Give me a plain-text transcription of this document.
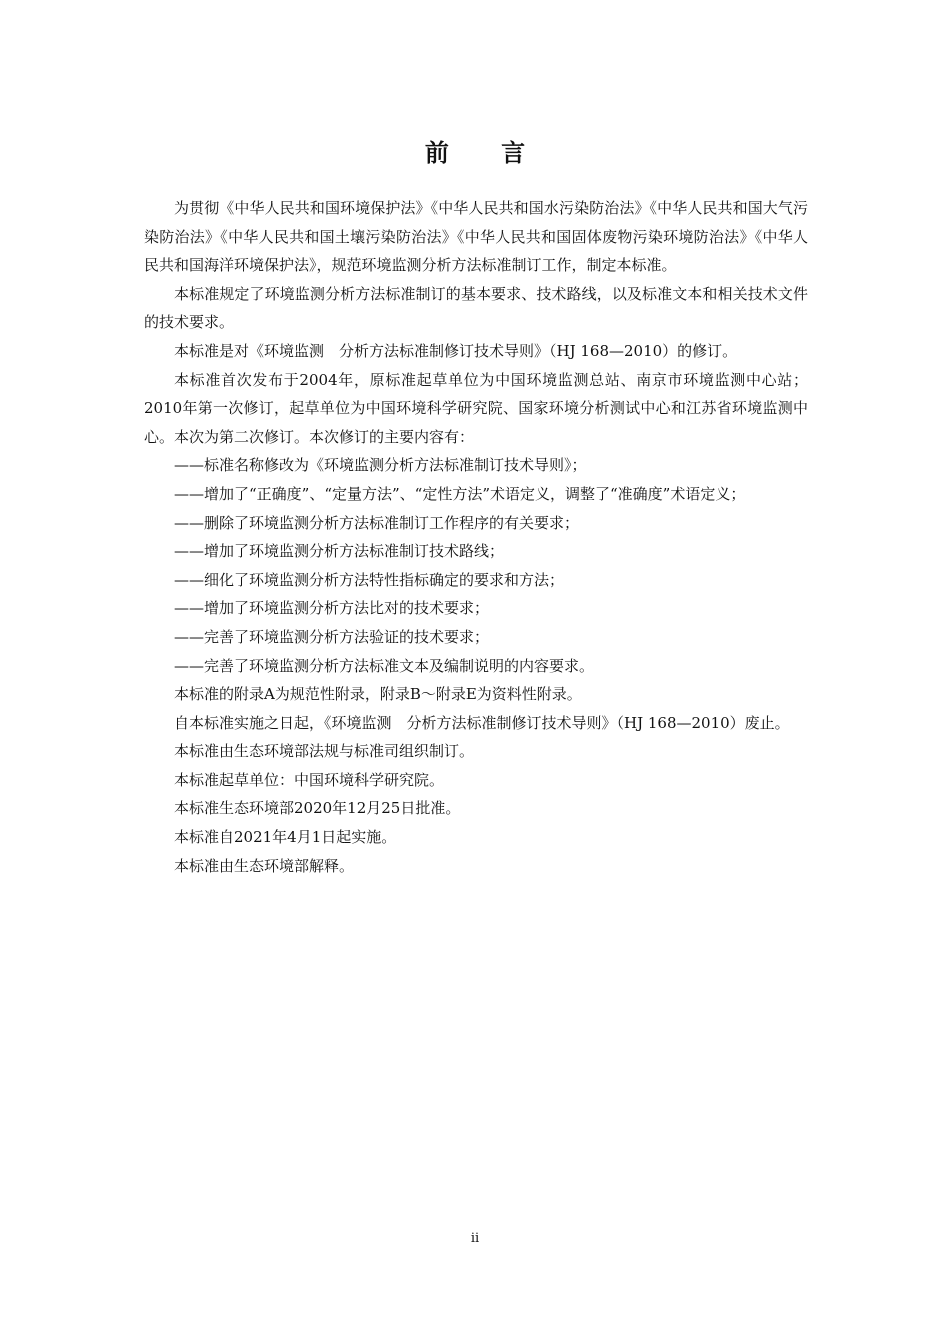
前 言

为贯彻《中华人民共和国环境保护法》《中华人民共和国水污染防治法》《中华人民共和国大气污染防治法》《中华人民共和国土壤污染防治法》《中华人民共和国固体废物污染环境防治法》《中华人民共和国海洋环境保护法》，规范环境监测分析方法标准制订工作，制定本标准。

本标准规定了环境监测分析方法标准制订的基本要求、技术路线，以及标准文本和相关技术文件的技术要求。

本标准是对《环境监测　分析方法标准制修订技术导则》（HJ 168—2010）的修订。

本标准首次发布于2004年，原标准起草单位为中国环境监测总站、南京市环境监测中心站；2010年第一次修订，起草单位为中国环境科学研究院、国家环境分析测试中心和江苏省环境监测中心。本次为第二次修订。本次修订的主要内容有：

——标准名称修改为《环境监测分析方法标准制订技术导则》；

——增加了“正确度”、“定量方法”、“定性方法”术语定义，调整了“准确度”术语定义；

——删除了环境监测分析方法标准制订工作程序的有关要求；

——增加了环境监测分析方法标准制订技术路线；

——细化了环境监测分析方法特性指标确定的要求和方法；

——增加了环境监测分析方法比对的技术要求；

——完善了环境监测分析方法验证的技术要求；

——完善了环境监测分析方法标准文本及编制说明的内容要求。

本标准的附录A为规范性附录，附录B～附录E为资料性附录。

自本标准实施之日起，《环境监测　分析方法标准制修订技术导则》（HJ 168—2010）废止。

本标准由生态环境部法规与标准司组织制订。

本标准起草单位：中国环境科学研究院。

本标准生态环境部2020年12月25日批准。

本标准自2021年4月1日起实施。

本标准由生态环境部解释。

ii
